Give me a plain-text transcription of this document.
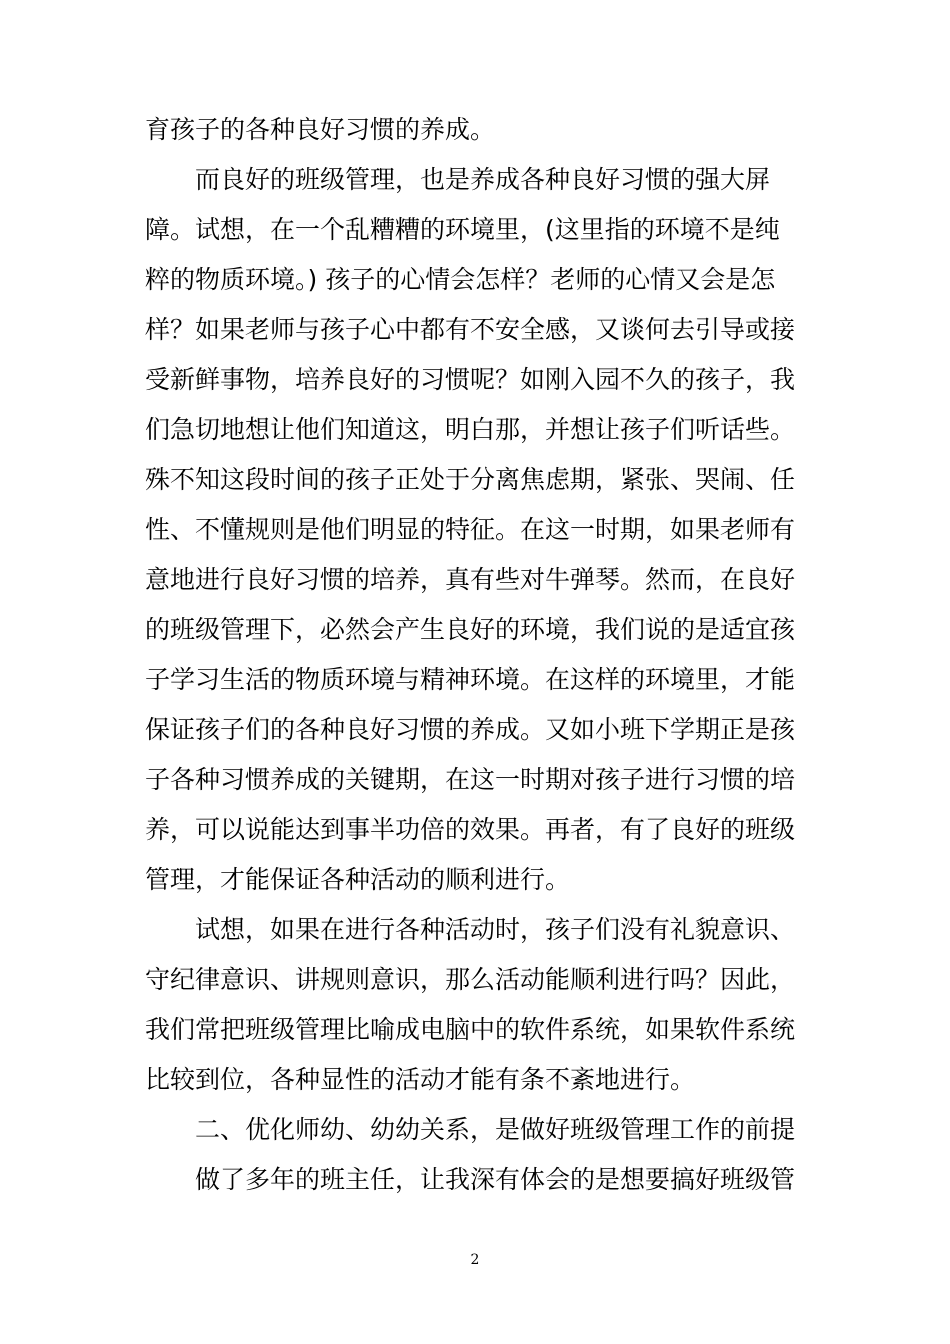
育孩子的各种良好习惯的养成。
而良好的班级管理，也是养成各种良好习惯的强大屏
障。试想，在一个乱糟糟的环境里，(这里指的环境不是纯
粹的物质环境。) 孩子的心情会怎样？老师的心情又会是怎
样？如果老师与孩子心中都有不安全感，又谈何去引导或接
受新鲜事物，培养良好的习惯呢？如刚入园不久的孩子，我
们急切地想让他们知道这，明白那，并想让孩子们听话些。
殊不知这段时间的孩子正处于分离焦虑期，紧张、哭闹、任
性、不懂规则是他们明显的特征。在这一时期，如果老师有
意地进行良好习惯的培养，真有些对牛弹琴。然而，在良好
的班级管理下，必然会产生良好的环境，我们说的是适宜孩
子学习生活的物质环境与精神环境。在这样的环境里，才能
保证孩子们的各种良好习惯的养成。又如小班下学期正是孩
子各种习惯养成的关键期，在这一时期对孩子进行习惯的培
养，可以说能达到事半功倍的效果。再者，有了良好的班级
管理，才能保证各种活动的顺利进行。
试想，如果在进行各种活动时，孩子们没有礼貌意识、
守纪律意识、讲规则意识，那么活动能顺利进行吗？因此，
我们常把班级管理比喻成电脑中的软件系统，如果软件系统
比较到位，各种显性的活动才能有条不紊地进行。
二、优化师幼、幼幼关系，是做好班级管理工作的前提
做了多年的班主任，让我深有体会的是想要搞好班级管
2
